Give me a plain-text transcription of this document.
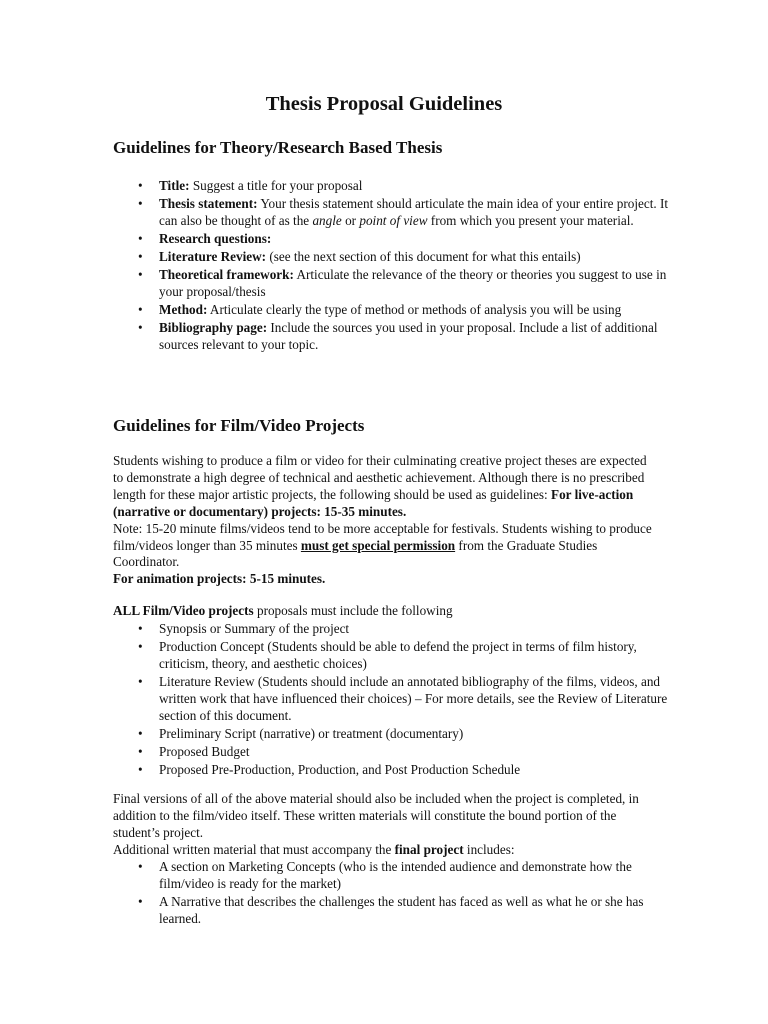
Thesis Proposal Guidelines
Guidelines for Theory/Research Based Thesis
• Title: Suggest a title for your proposal
• Thesis statement: Your thesis statement should articulate the main idea of your entire project. It can also be thought of as the angle or point of view from which you present your material.
• Research questions:
• Literature Review: (see the next section of this document for what this entails)
• Theoretical framework: Articulate the relevance of the theory or theories you suggest to use in your proposal/thesis
• Method: Articulate clearly the type of method or methods of analysis you will be using
• Bibliography page: Include the sources you used in your proposal. Include a list of additional sources relevant to your topic.
Guidelines for Film/Video Projects

Students wishing to produce a film or video for their culminating creative project theses are expected to demonstrate a high degree of technical and aesthetic achievement. Although there is no prescribed length for these major artistic projects, the following should be used as guidelines: For live-action (narrative or documentary) projects: 15-35 minutes.
Note: 15-20 minute films/videos tend to be more acceptable for festivals. Students wishing to produce film/videos longer than 35 minutes must get special permission from the Graduate Studies Coordinator.
For animation projects: 5-15 minutes.

ALL Film/Video projects proposals must include the following

• Synopsis or Summary of the project
• Production Concept (Students should be able to defend the project in terms of film history, criticism, theory, and aesthetic choices)
• Literature Review (Students should include an annotated bibliography of the films, videos, and written work that have influenced their choices) – For more details, see the Review of Literature section of this document.
• Preliminary Script (narrative) or treatment (documentary)
• Proposed Budget
• Proposed Pre-Production, Production, and Post Production Schedule

Final versions of all of the above material should also be included when the project is completed, in addition to the film/video itself. These written materials will constitute the bound portion of the student’s project.
Additional written material that must accompany the final project includes:

• A section on Marketing Concepts (who is the intended audience and demonstrate how the film/video is ready for the market)
• A Narrative that describes the challenges the student has faced as well as what he or she has learned.
